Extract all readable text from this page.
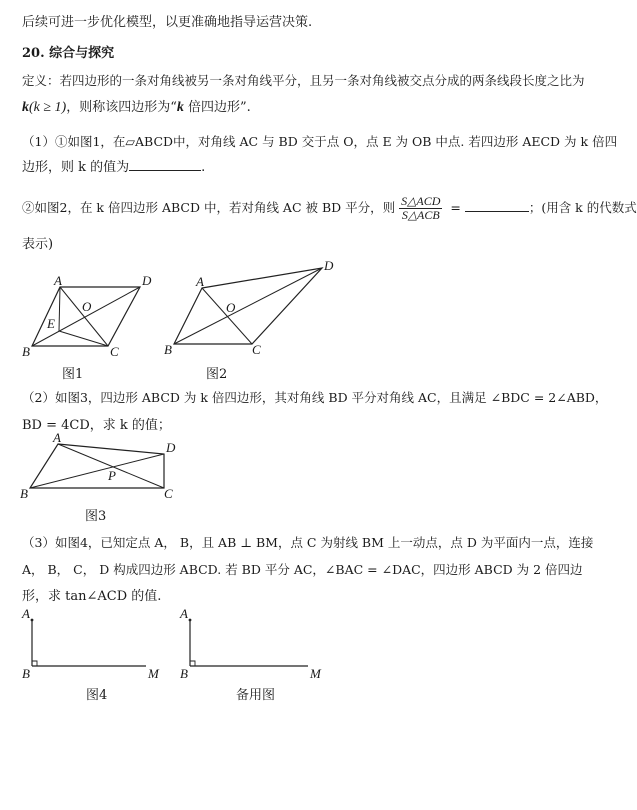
后续可进一步优化模型，以更准确地指导运营决策.
20. 综合与探究
定义：若四边形的一条对角线被另一条对角线平分，且另一条对角线被交点分成的两条线段长度之比为
k(k ≥ 1)，则称该四边形为“k 倍四边形”.
（1）①如图1，在▱ABCD中，对角线 AC 与 BD 交于点 O，点 E 为 OB 中点. 若四边形 AECD 为 k 倍四
边形，则 k 的值为	.
②如图2，在 k 倍四边形 ABCD 中，若对角线 AC 被 BD 平分，则 $\frac{\text{S△ACD}}{\text{S△ACB}}$ =	；(用含 k 的代数式
表示)
A	D
O
E
B	C
图1
A
D
O
B	C
图2
（2）如图3，四边形 ABCD 为 k 倍四边形，其对角线 BD 平分对角线 AC，且满足 ∠BDC = 2∠ABD，
BD = 4CD，求 k 的值；
A
D
P
B	C
图3
（3）如图4，已知定点 A， B，且 AB ⊥ BM，点 C 为射线 BM 上一动点，点 D 为平面内一点，连接
A， B， C， D 构成四边形 ABCD. 若 BD 平分 AC，∠BAC = ∠DAC，四边形 ABCD 为 2 倍四边
形，求 tan∠ACD 的值.
A
B	M
图4
A
B	M
备用图
